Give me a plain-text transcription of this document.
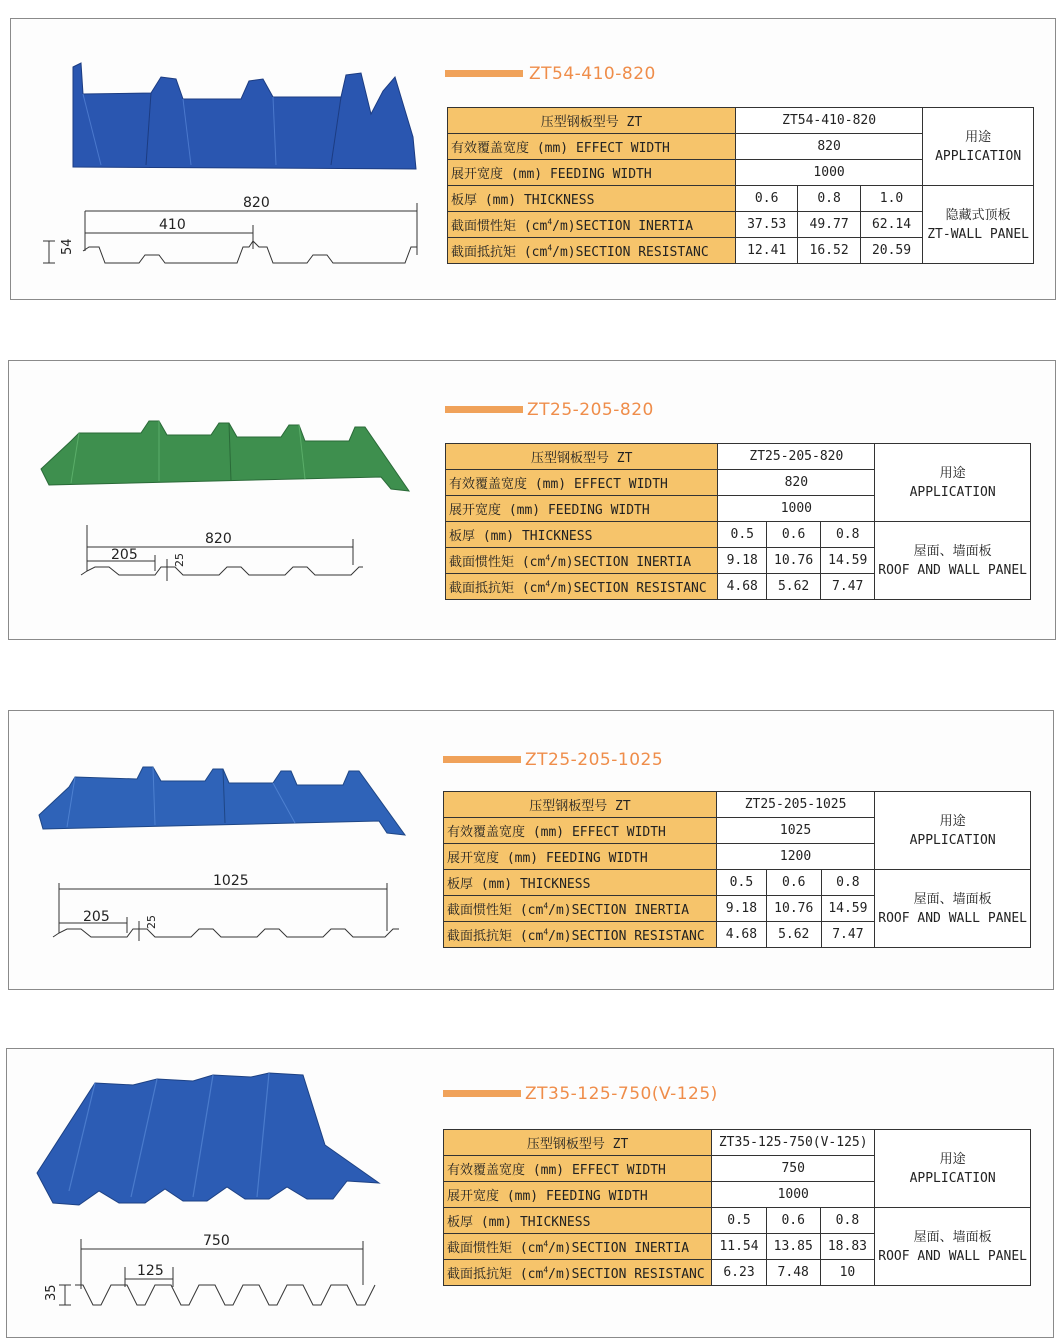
820
410
54
ZT54-410-820
压型钢板型号 ZT	ZT54-410-820			用途
APPLICATION
有效覆盖宽度 (mm) EFFECT WIDTH	820			
展开宽度 (mm) FEEDING WIDTH	1000			
板厚 (mm) THICKNESS	0.6	0.8	1.0	隐藏式顶板
ZT-WALL PANEL
截面惯性矩 $(cm^4/m)SECTION$ INERTIA	37.53	49.77	62.14	
截面抵抗矩 $(cm^4/m)SECTION$ RESISTANC	12.41	16.52	20.59	
820
205	25
ZT25-205-820
压型钢板型号 ZT	ZT25-205-820			用途
APPLICATION
有效覆盖宽度 (mm) EFFECT WIDTH	820			
展开宽度 (mm) FEEDING WIDTH	1000			
板厚 (mm) THICKNESS	0.5	0.6	0.8	屋面、墙面板
ROOF AND WALL PANEL
截面惯性矩 $(cm^4/m)SECTION$ INERTIA	9.18	10.76	14.59	
截面抵抗矩 $(cm^4/m)SECTION$ RESISTANC	4.68	5.62	7.47	
1025
205	25
ZT25-205-1025
压型钢板型号 ZT	ZT25-205-1025			用途
APPLICATION
有效覆盖宽度 (mm) EFFECT WIDTH	1025			
展开宽度 (mm) FEEDING WIDTH	1200			
板厚 (mm) THICKNESS	0.5	0.6	0.8	屋面、墙面板
ROOF AND WALL PANEL
截面惯性矩 $(cm^4/m)SECTION$ INERTIA	9.18	10.76	14.59	
截面抵抗矩 $(cm^4/m)SECTION$ RESISTANC	4.68	5.62	7.47	
750
125
35
ZT35-125-750(V-125)
压型钢板型号 ZT	ZT35-125-750(V-125)			用途
APPLICATION
有效覆盖宽度 (mm) EFFECT WIDTH	750			
展开宽度 (mm) FEEDING WIDTH	1000			
板厚 (mm) THICKNESS	0.5	0.6	0.8	屋面、墙面板
ROOF AND WALL PANEL
截面惯性矩 $(cm^4/m)SECTION$ INERTIA	11.54	13.85	18.83	
截面抵抗矩 $(cm^4/m)SECTION$ RESISTANC	6.23	7.48	10	
